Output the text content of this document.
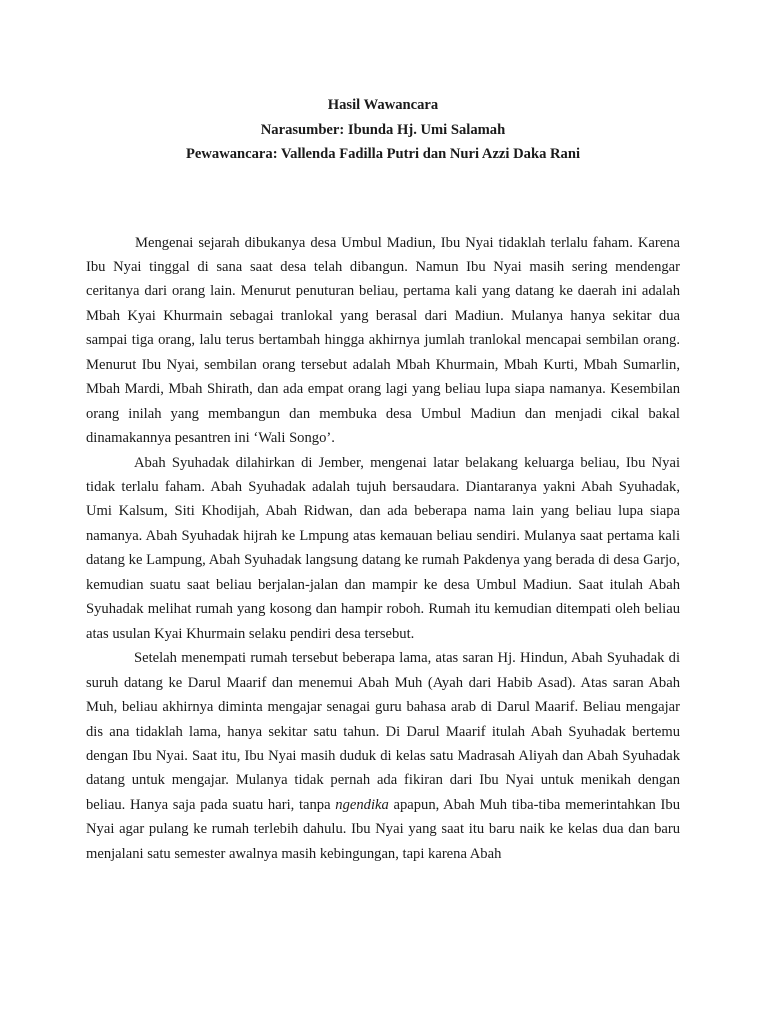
Hasil Wawancara
Narasumber: Ibunda Hj. Umi Salamah
Pewawancara: Vallenda Fadilla Putri dan Nuri Azzi Daka Rani

Mengenai sejarah dibukanya desa Umbul Madiun, Ibu Nyai tidaklah terlalu faham. Karena Ibu Nyai tinggal di sana saat desa telah dibangun. Namun Ibu Nyai masih sering mendengar ceritanya dari orang lain. Menurut penuturan beliau, pertama kali yang datang ke daerah ini adalah Mbah Kyai Khurmain sebagai tranlokal yang berasal dari Madiun. Mulanya hanya sekitar dua sampai tiga orang, lalu terus bertambah hingga akhirnya jumlah tranlokal mencapai sembilan orang. Menurut Ibu Nyai, sembilan orang tersebut adalah Mbah Khurmain, Mbah Kurti, Mbah Sumarlin, Mbah Mardi, Mbah Shirath, dan ada empat orang lagi yang beliau lupa siapa namanya. Kesembilan orang inilah yang membangun dan membuka desa Umbul Madiun dan menjadi cikal bakal dinamakannya pesantren ini ‘Wali Songo’.

Abah Syuhadak dilahirkan di Jember, mengenai latar belakang keluarga beliau, Ibu Nyai tidak terlalu faham. Abah Syuhadak adalah tujuh bersaudara. Diantaranya yakni Abah Syuhadak, Umi Kalsum, Siti Khodijah, Abah Ridwan, dan ada beberapa nama lain yang beliau lupa siapa namanya. Abah Syuhadak hijrah ke Lmpung atas kemauan beliau sendiri. Mulanya saat pertama kali datang ke Lampung, Abah Syuhadak langsung datang ke rumah Pakdenya yang berada di desa Garjo, kemudian suatu saat beliau berjalan-jalan dan mampir ke desa Umbul Madiun. Saat itulah Abah Syuhadak melihat rumah yang kosong dan hampir roboh. Rumah itu kemudian ditempati oleh beliau atas usulan Kyai Khurmain selaku pendiri desa tersebut.

Setelah menempati rumah tersebut beberapa lama, atas saran Hj. Hindun, Abah Syuhadak di suruh datang ke Darul Maarif dan menemui Abah Muh (Ayah dari Habib Asad). Atas saran Abah Muh, beliau akhirnya diminta mengajar senagai guru bahasa arab di Darul Maarif. Beliau mengajar dis ana tidaklah lama, hanya sekitar satu tahun. Di Darul Maarif itulah Abah Syuhadak bertemu dengan Ibu Nyai. Saat itu, Ibu Nyai masih duduk di kelas satu Madrasah Aliyah dan Abah Syuhadak datang untuk mengajar. Mulanya tidak pernah ada fikiran dari Ibu Nyai untuk menikah dengan beliau. Hanya saja pada suatu hari, tanpa ngendika apapun, Abah Muh tiba-tiba memerintahkan Ibu Nyai agar pulang ke rumah terlebih dahulu. Ibu Nyai yang saat itu baru naik ke kelas dua dan baru menjalani satu semester awalnya masih kebingungan, tapi karena Abah
